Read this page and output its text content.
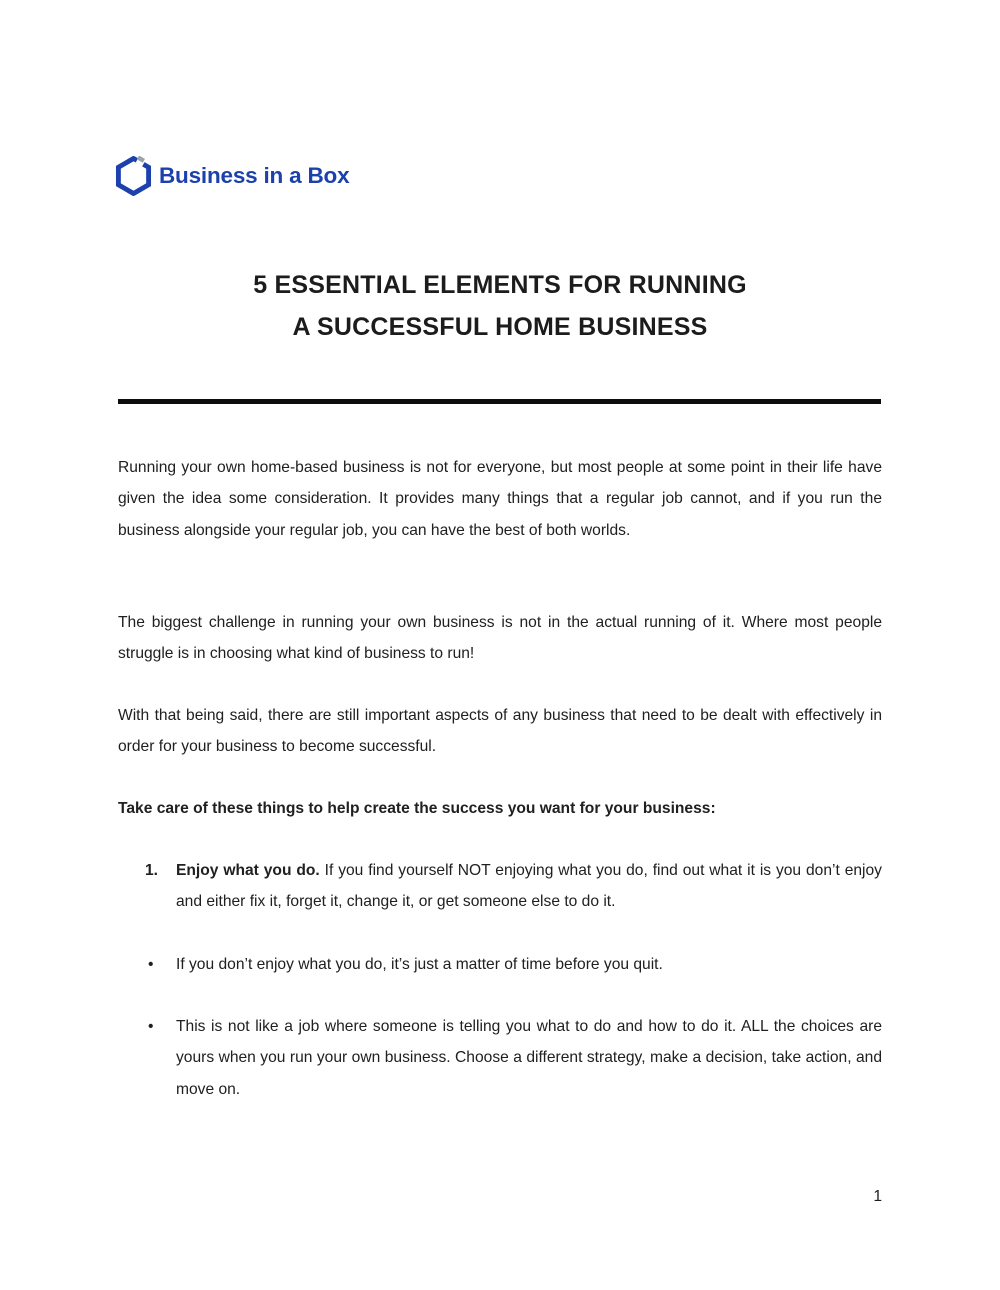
Business in a Box
5 ESSENTIAL ELEMENTS FOR RUNNING
A SUCCESSFUL HOME BUSINESS

Running your own home-based business is not for everyone, but most people at some point in their life have given the idea some consideration. It provides many things that a regular job cannot, and if you run the business alongside your regular job, you can have the best of both worlds.

The biggest challenge in running your own business is not in the actual running of it. Where most people struggle is in choosing what kind of business to run!

With that being said, there are still important aspects of any business that need to be dealt with effectively in order for your business to become successful.

Take care of these things to help create the success you want for your business:

1.	Enjoy what you do. If you find yourself NOT enjoying what you do, find out what it is you don’t enjoy and either fix it, forget it, change it, or get someone else to do it.
•	If you don’t enjoy what you do, it’s just a matter of time before you quit.
•	This is not like a job where someone is telling you what to do and how to do it. ALL the choices are yours when you run your own business. Choose a different strategy, make a decision, take action, and move on.
1
